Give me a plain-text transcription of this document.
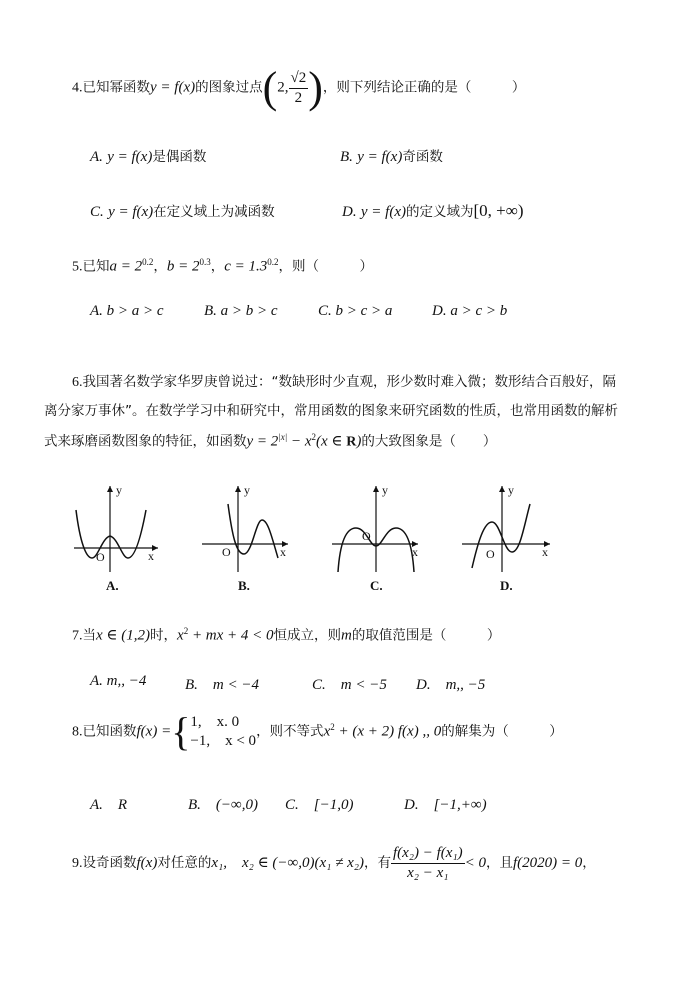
4.已知幂函数y = f(x)的图象过点(2, $\frac{√2}{2}$ )，则下列结论正确的是（　　　）
A. y = f(x)是偶函数	B. y = f(x)奇函数
C. y = f(x)在定义域上为减函数	D. y = f(x)的定义域为[0, +∞)
5.已知$a = 2^{0.2}$，$b = 2^{0.3}$，$c = 1.3^{0.2}$，则（　　　）
A. b > a > c	B. a > b > c	C. b > c > a	D. a > c > b
6.我国著名数学家华罗庚曾说过：“数缺形时少直观，形少数时难入微；数形结合百般好，隔
离分家万事休”。在数学学习中和研究中，常用函数的图象来研究函数的性质，也常用函数的解析
式来琢磨函数图象的特征，如函数$y = 2^{|x|} - x^2(x$ ∈ R)的大致图象是（　　）
y
x
O
A.
y
x
O
B.
y
x
O
C.
y
x
O
D.
7.当x ∈ (1,2)时，$x^2$ + mx + 4 < 0恒成立，则m的取值范围是（　　　）
A. m,, −4	B.　m < −4	C.　m < −5 D.　m,, −5
8.已知函数f(x) ={ 1,　x. 0
−1,　x < 0
，则不等式$x^2 + (x + 2)$ f(x) ,, 0的解集为（　　　）
A.　R	B.　(−∞,0) C.　[−1,0)	D.　[−1,+∞)
9.设奇函数f(x)对任意的x₁,　x₂ ∈ (−∞,0)(x₁ ≠ x₂)，有 $\frac{\text{f(x₂) − f(x₁)}}{\text{x₂ − x₁}} < 0$，且f(2020) = 0，
